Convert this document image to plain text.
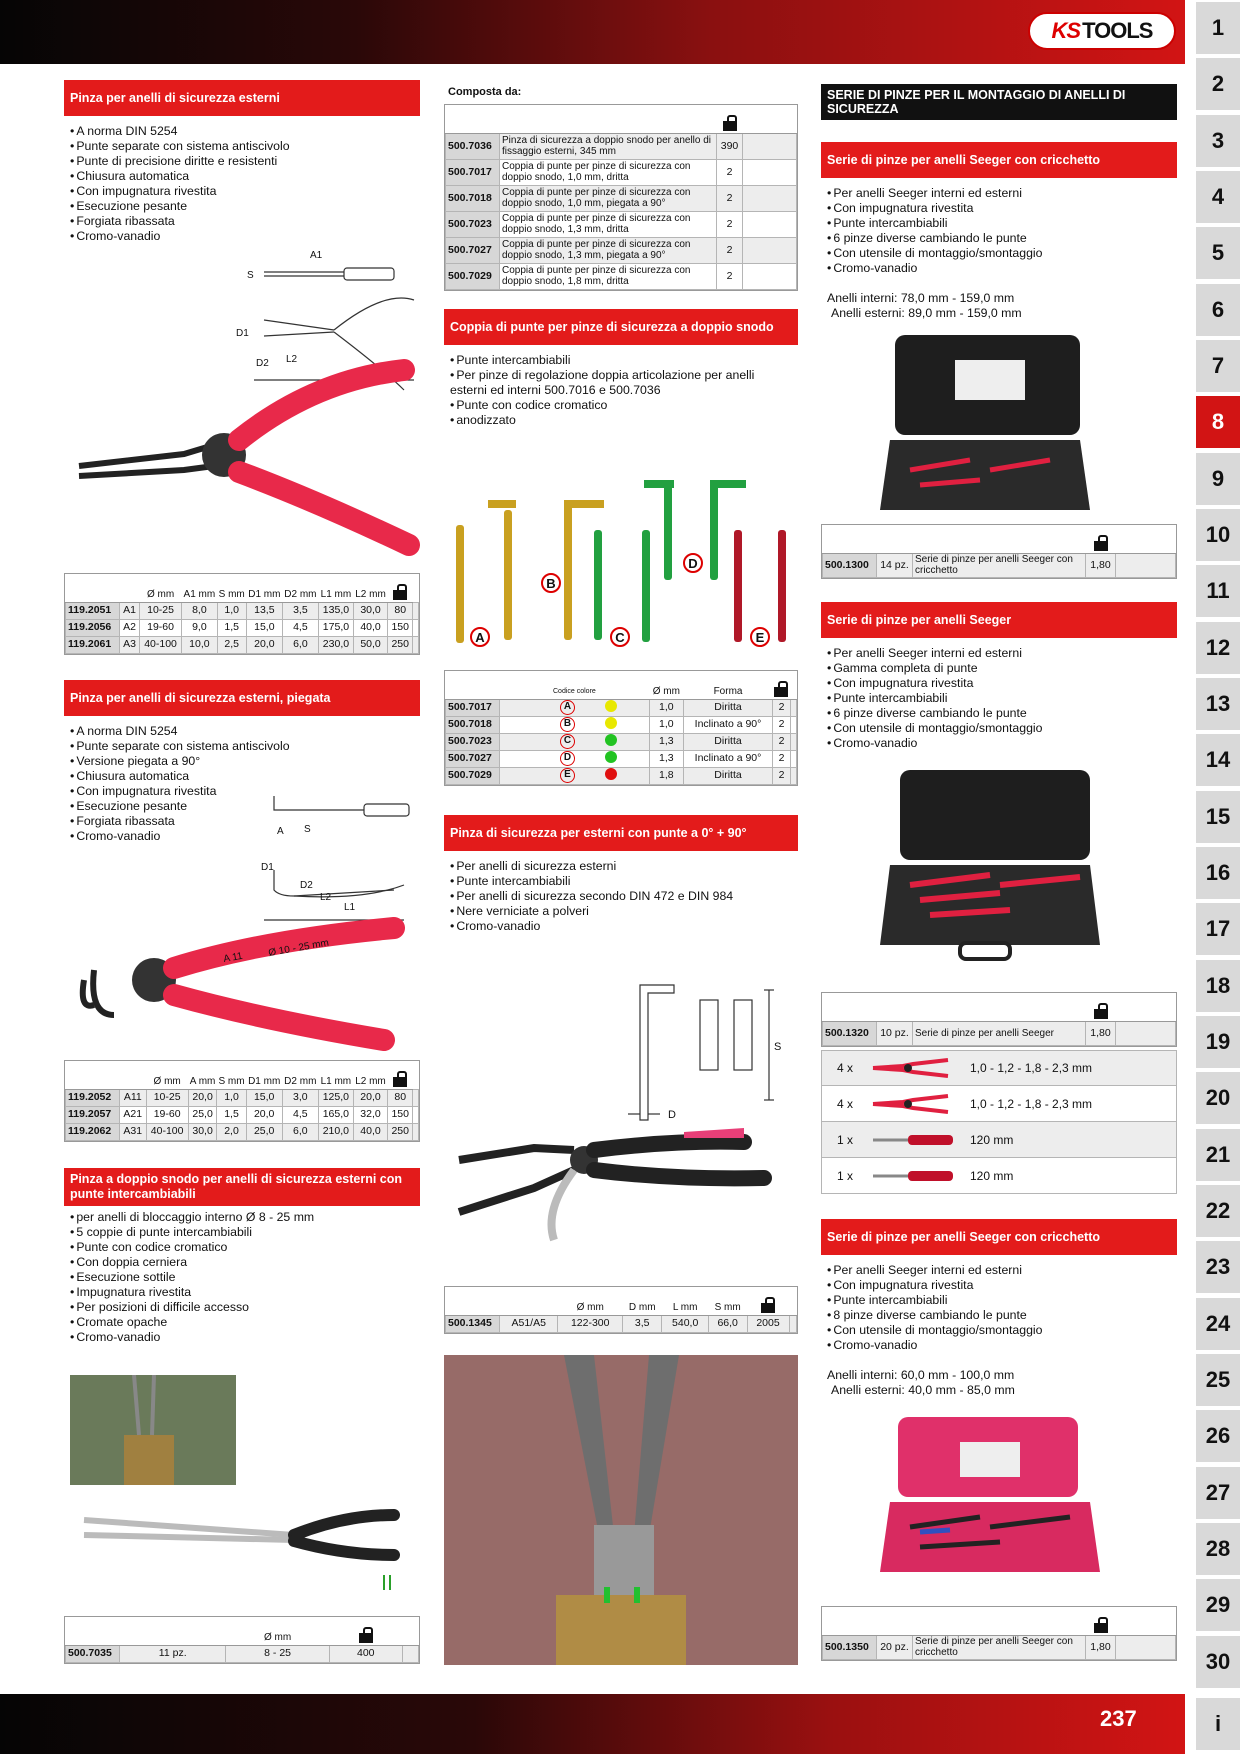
KS TOOLS	1
2
3
4
5
6
7
8
9
10
11
12
13
14
15
16
17
18
19
20
21
22
23
24
25
26
27
28
29
30
i
237
Pinza per anelli di sicurezza esterni
• A norma DIN 5254
• Punte separate con sistema antiscivolo
• Punte di precisione diritte e resistenti
• Chiusura automatica
• Con impugnatura rivestita
• Esecuzione pesante
• Forgiata ribassata
• Cromo-vanadio
S
A1
D1
D2 L2
L1
		Ø mm	A1 mm	S mm	D1 mm	D2 mm	L1 mm	L2 mm		
119.2051	A1	10-25	8,0	1,0	13,5	3,5	135,0	30,0	80	
119.2056	A2	19-60	9,0	1,5	15,0	4,5	175,0	40,0	150	
119.2061	A3	40-100	10,0	2,5	20,0	6,0	230,0	50,0	250	
Pinza per anelli di sicurezza esterni, piegata
• A norma DIN 5254
• Punte separate con sistema antiscivolo
• Versione piegata a 90°
• Chiusura automatica
• Con impugnatura rivestita
• Esecuzione pesante
• Forgiata ribassata
• Cromo-vanadio	A S
D1
D2
L2
L1
A 11 Ø 10 - 25 mm
		Ø mm	A mm	S mm	D1 mm	D2 mm	L1 mm	L2 mm		
119.2052	A11	10-25	20,0	1,0	15,0	3,0	125,0	20,0	80	
119.2057	A21	19-60	25,0	1,5	20,0	4,5	165,0	32,0	150	
119.2062	A31	40-100	30,0	2,0	25,0	6,0	210,0	40,0	250	
Pinza a doppio snodo per anelli di sicurezza esterni con punte intercambiabili
• per anelli di bloccaggio interno Ø 8 - 25 mm
• 5 coppie di punte intercambiabili
• Punte con codice cromatico
• Con doppia cerniera
• Esecuzione sottile
• Impugnatura rivestita
• Per posizioni di difficile accesso
• Cromate opache
• Cromo-vanadio
		Ø mm		
500.7035	11 pz.	8 - 25	400	
Composta da:

500.7036	Pinza di sicurezza a doppio snodo per anello di fissaggio esterni, 345 mm	390	
500.7017	Coppia di punte per pinze di sicurezza con doppio snodo, 1,0 mm, dritta	2	
500.7018	Coppia di punte per pinze di sicurezza con doppio snodo, 1,0 mm, piegata a 90°	2	
500.7023	Coppia di punte per pinze di sicurezza con doppio snodo, 1,3 mm, dritta	2	
500.7027	Coppia di punte per pinze di sicurezza con doppio snodo, 1,3 mm, piegata a 90°	2	
500.7029	Coppia di punte per pinze di sicurezza con doppio snodo, 1,8 mm, dritta	2	
Coppia di punte per pinze di sicurezza a doppio snodo
• Punte intercambiabili
• Per pinze di regolazione doppia articolazione per anelli esterni ed interni 500.7016 e 500.7036
• Punte con codice cromatico
• anodizzato
A
B
C
D
E
	Codice colore	Ø mm	Forma		
500.7017	A	1,0	Diritta	2	
500.7018	B	1,0	Inclinato a 90°	2	
500.7023	C	1,3	Diritta	2	
500.7027	D	1,3	Inclinato a 90°	2	
500.7029	E	1,8	Diritta	2	
Pinza di sicurezza per esterni con punte a 0° + 90°
• Per anelli di sicurezza esterni
• Punte intercambiabili
• Per anelli di sicurezza secondo DIN 472 e DIN 984
• Nere verniciate a polveri
• Cromo-vanadio
S
D
		Ø mm	D mm	L mm	S mm		
500.1345	A51/A5	122-300	3,5	540,0	66,0	2005	
SERIE DI PINZE PER IL MONTAGGIO DI ANELLI DI SICUREZZA
Serie di pinze per anelli Seeger con cricchetto
• Per anelli Seeger interni ed esterni
• Con impugnatura rivestita
• Punte intercambiabili
• 6 pinze diverse cambiando le punte
• Con utensile di montaggio/smontaggio
• Cromo-vanadio
Anelli interni: 78,0 mm - 159,0 mm
Anelli esterni: 89,0 mm - 159,0 mm

500.1300	14 pz.	Serie di pinze per anelli Seeger con cricchetto	1,80	
Serie di pinze per anelli Seeger
• Per anelli Seeger interni ed esterni
• Gamma completa di punte
• Con impugnatura rivestita
• Punte intercambiabili
• 6 pinze diverse cambiando le punte
• Con utensile di montaggio/smontaggio
• Cromo-vanadio

500.1320	10 pz.	Serie di pinze per anelli Seeger	1,80	
4 x	1,0 - 1,2 - 1,8 - 2,3 mm
4 x	1,0 - 1,2 - 1,8 - 2,3 mm
1 x	120 mm
1 x	120 mm
Serie di pinze per anelli Seeger con cricchetto
• Per anelli Seeger interni ed esterni
• Con impugnatura rivestita
• Punte intercambiabili
• 8 pinze diverse cambiando le punte
• Con utensile di montaggio/smontaggio
• Cromo-vanadio
Anelli interni: 60,0 mm - 100,0 mm
Anelli esterni: 40,0 mm - 85,0 mm

500.1350	20 pz.	Serie di pinze per anelli Seeger con cricchetto	1,80	
